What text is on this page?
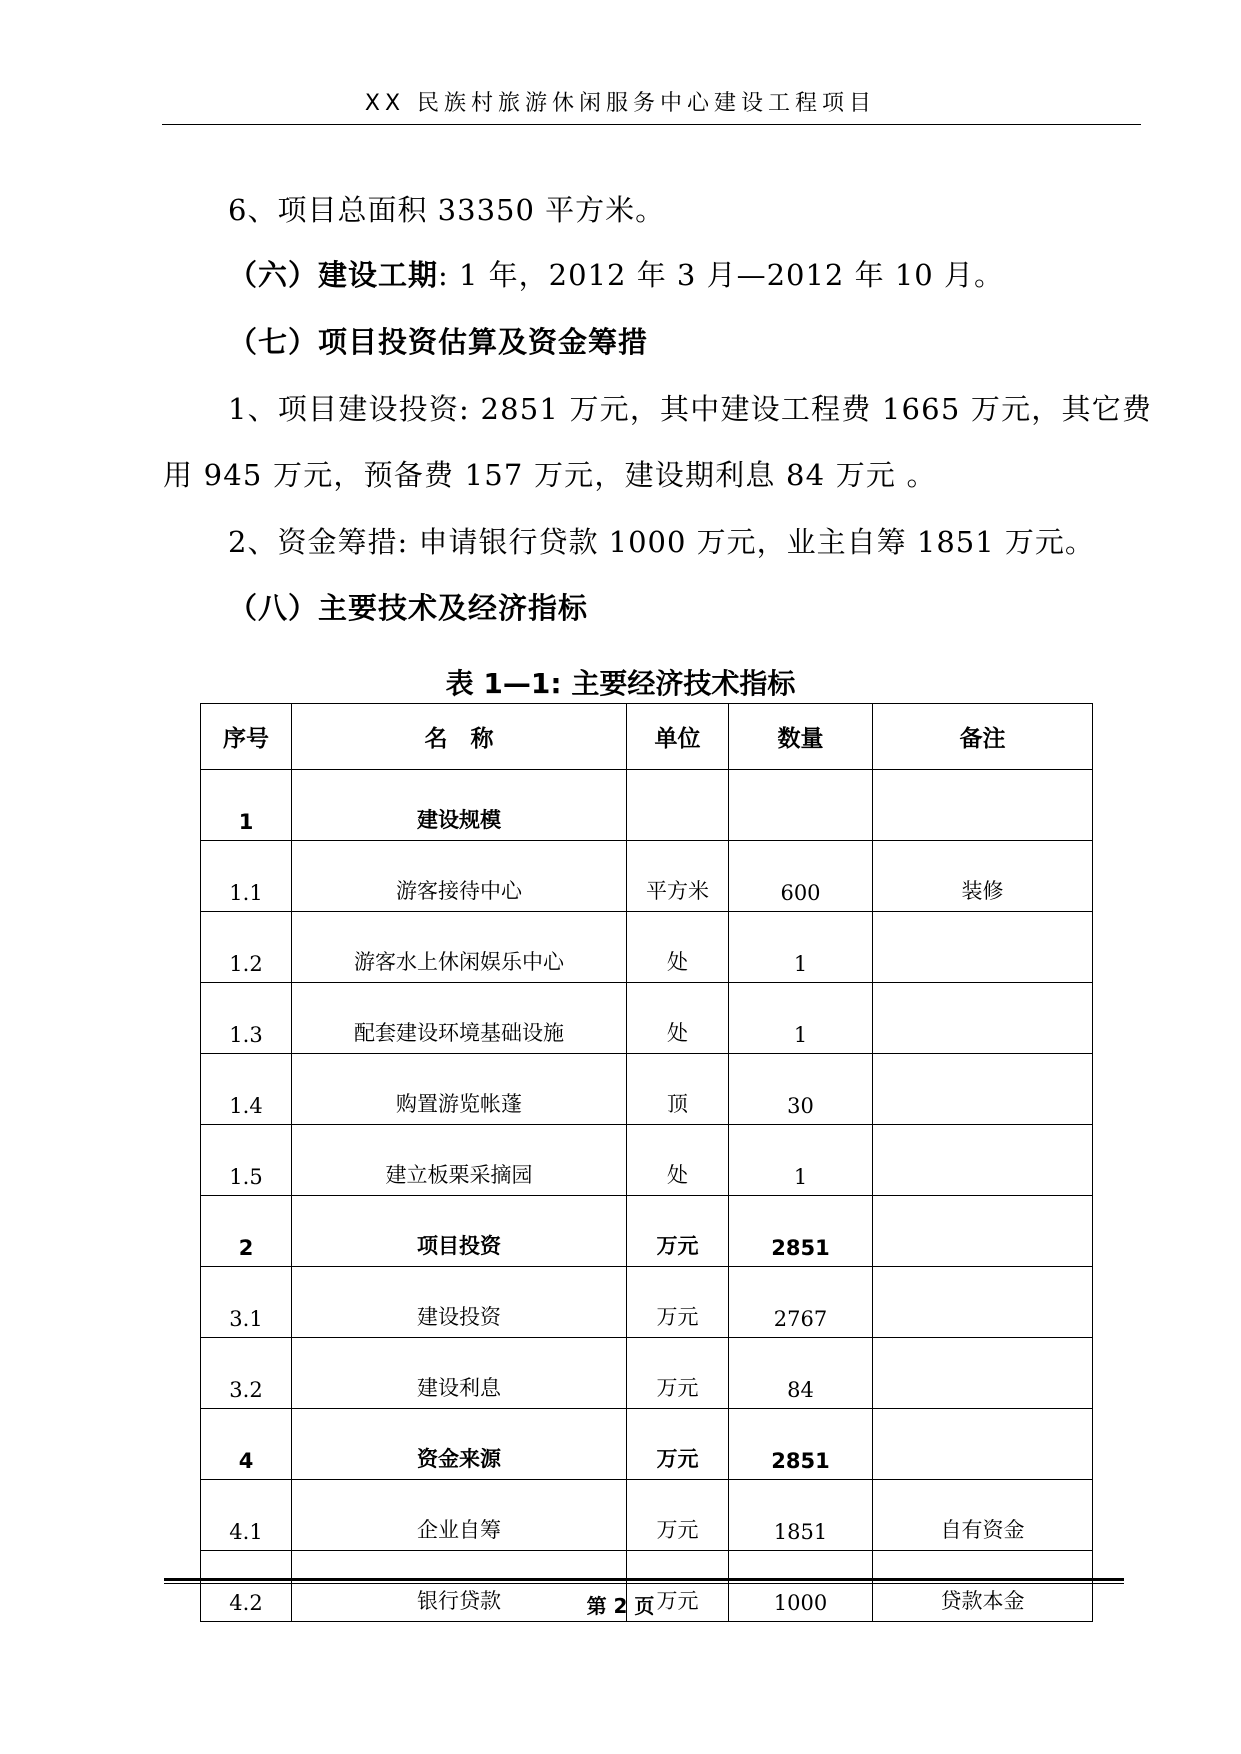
XX 民族村旅游休闲服务中心建设工程项目
6、项目总面积 33350 平方米。
（六）建设工期: 1 年，2012 年 3 月—2012 年 10 月。
（七）项目投资估算及资金筹措
1、项目建设投资: 2851 万元，其中建设工程费 1665 万元，其它费
用 945 万元，预备费 157 万元，建设期利息 84 万元 。
2、资金筹措: 申请银行贷款 1000 万元，业主自筹 1851 万元。
（八）主要技术及经济指标
表 1—1: 主要经济技术指标
序号	名　称	单位	数量	备注
1	建设规模			
1.1	游客接待中心	平方米	600	装修
1.2	游客水上休闲娱乐中心	处	1	
1.3	配套建设环境基础设施	处	1	
1.4	购置游览帐蓬	顶	30	
1.5	建立板栗采摘园	处	1	
2	项目投资	万元	2851	
3.1	建设投资	万元	2767	
3.2	建设利息	万元	84	
4	资金来源	万元	2851	
4.1	企业自筹	万元	1851	自有资金
4.2	银行贷款	万元	1000	贷款本金
第 2 页
